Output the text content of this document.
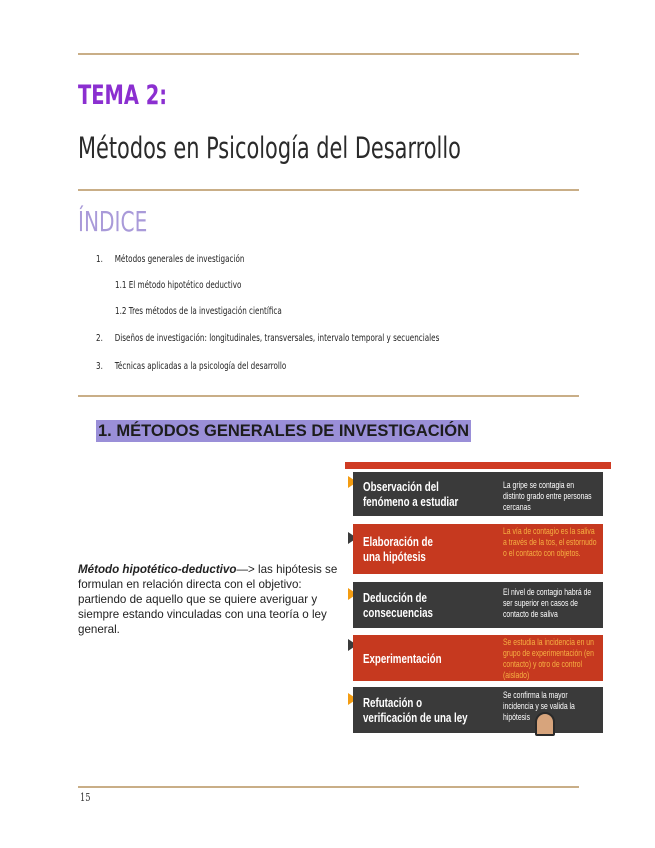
TEMA 2:
Métodos en Psicología del Desarrollo
ÍNDICE
1. Métodos generales de investigación
1.1 El método hipotético deductivo
1.2 Tres métodos de la investigación científica
2. Diseños de investigación: longitudinales, transversales, intervalo temporal y secuenciales
3. Técnicas aplicadas a la psicología del desarrollo
1. MÉTODOS GENERALES DE INVESTIGACIÓN
Método hipotético-deductivo—> las hipótesis se formulan en relación directa con el objetivo: partiendo de aquello que se quiere averiguar y siempre estando vinculadas con una teoría o ley general.
Observación del
fenómeno a estudiar
La gripe se contagia en distinto grado entre personas cercanas
Elaboración de
una hipótesis
La vía de contagio es la saliva a través de la tos, el estornudo o el contacto con objetos.
Deducción de
consecuencias
El nivel de contagio habrá de ser superior en casos de contacto de saliva
Experimentación
Se estudia la incidencia en un grupo de experimentación (en contacto) y otro de control (aislado)
Refutación o
verificación de una ley
Se confirma la mayor incidencia y se valida la hipótesis
15
